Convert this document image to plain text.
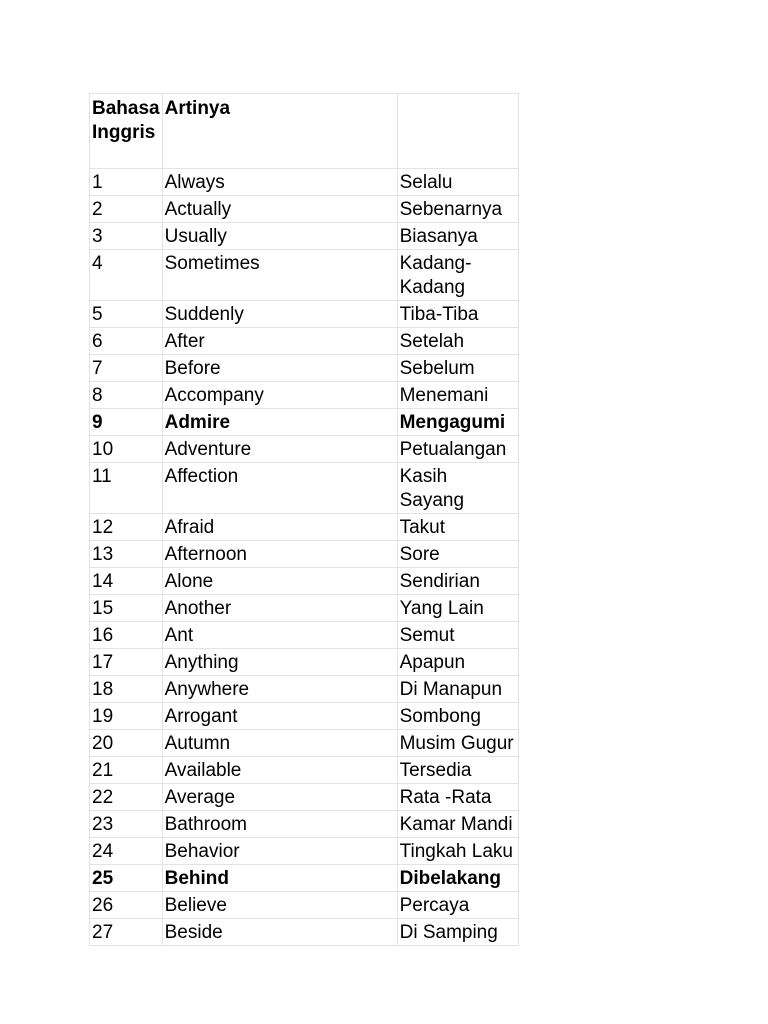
Bahasa Inggris	Artinya	
1	Always	Selalu
2	Actually	Sebenarnya
3	Usually	Biasanya
4	Sometimes	Kadang-Kadang
5	Suddenly	Tiba-Tiba
6	After	Setelah
7	Before	Sebelum
8	Accompany	Menemani
9	Admire	Mengagumi
10	Adventure	Petualangan
11	Affection	Kasih Sayang
12	Afraid	Takut
13	Afternoon	Sore
14	Alone	Sendirian
15	Another	Yang Lain
16	Ant	Semut
17	Anything	Apapun
18	Anywhere	Di Manapun
19	Arrogant	Sombong
20	Autumn	Musim Gugur
21	Available	Tersedia
22	Average	Rata -Rata
23	Bathroom	Kamar Mandi
24	Behavior	Tingkah Laku
25	Behind	Dibelakang
26	Believe	Percaya
27	Beside	Di Samping
